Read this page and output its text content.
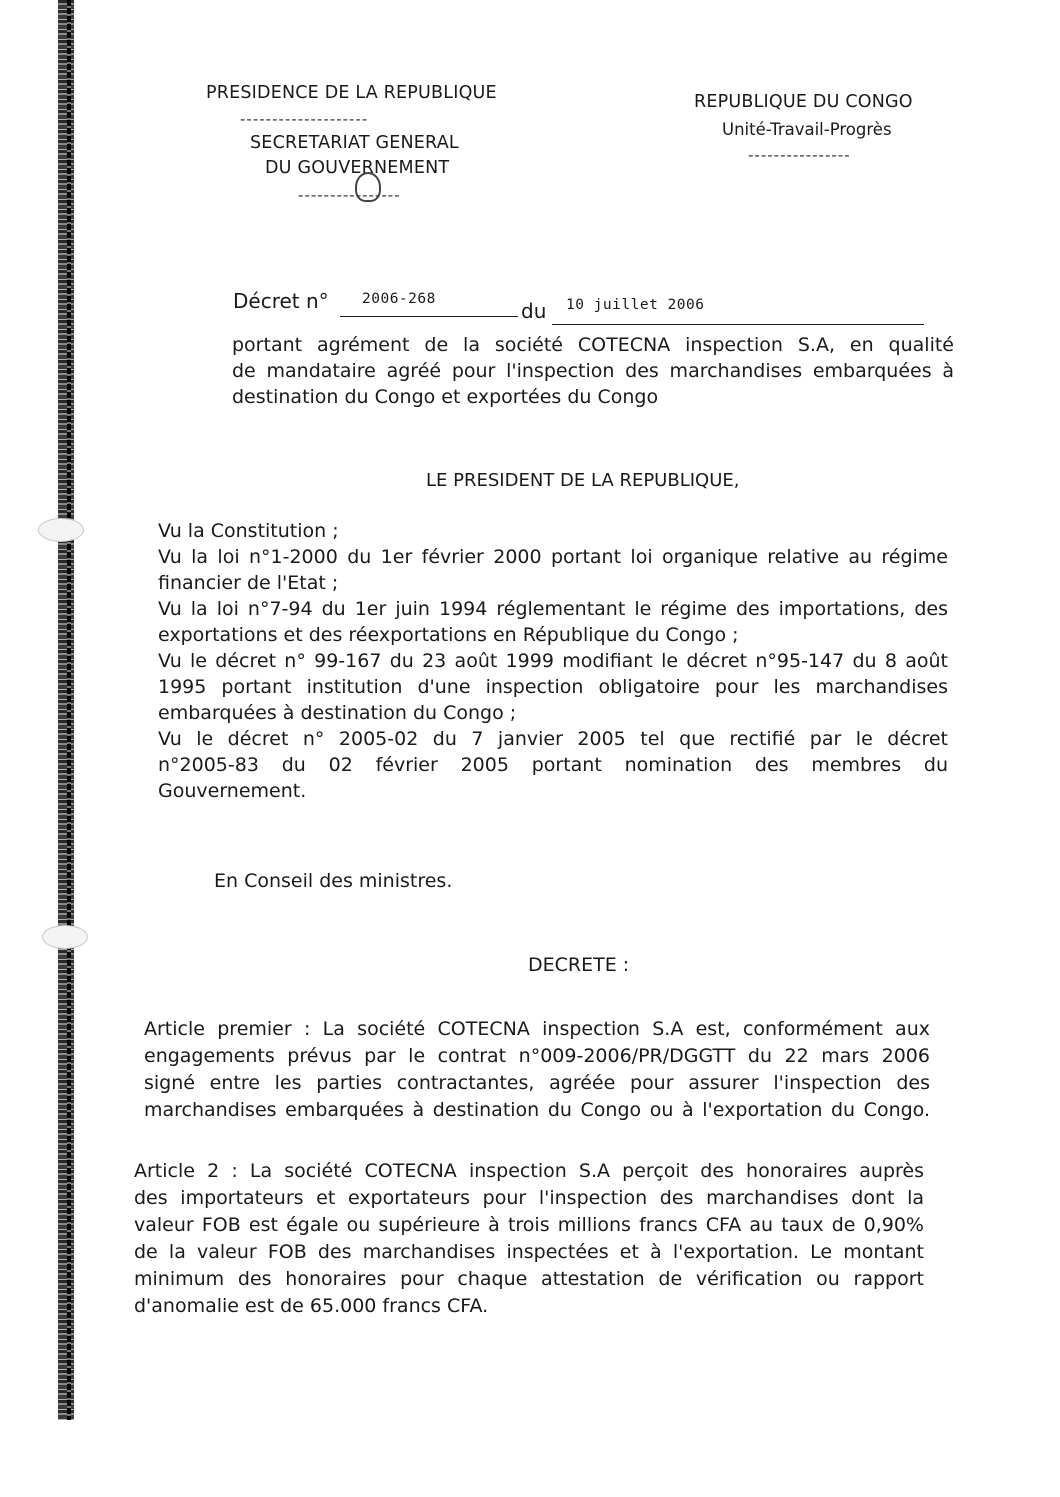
PRESIDENCE DE LA REPUBLIQUE
--------------------
SECRETARIAT GENERAL
DU GOUVERNEMENT
----------------
REPUBLIQUE DU CONGO
Unité-Travail-Progrès
----------------
Décret n° 2006-268	du 10 juillet 2006
portant agrément de la société COTECNA inspection S.A, en qualité
de mandataire agréé pour l'inspection des marchandises embarquées à
destination du Congo et exportées du Congo
LE PRESIDENT DE LA REPUBLIQUE,
Vu la Constitution ;
Vu la loi n°1-2000 du 1er février 2000 portant loi organique relative au régime
financier de l'Etat ;
Vu la loi n°7-94 du 1er juin 1994 réglementant le régime des importations, des
exportations et des réexportations en République du Congo ;
Vu le décret n° 99-167 du 23 août 1999 modifiant le décret n°95-147 du 8 août
1995 portant institution d'une inspection obligatoire pour les marchandises
embarquées à destination du Congo ;
Vu le décret n° 2005-02 du 7 janvier 2005 tel que rectifié par le décret
n°2005-83 du 02 février 2005 portant nomination des membres du
Gouvernement.
En Conseil des ministres.
DECRETE :
Article premier : La société COTECNA inspection S.A est, conformément aux
engagements prévus par le contrat n°009-2006/PR/DGGTT du 22 mars 2006
signé entre les parties contractantes, agréée pour assurer l'inspection des
marchandises embarquées à destination du Congo ou à l'exportation du Congo.
Article 2 : La société COTECNA inspection S.A perçoit des honoraires auprès
des importateurs et exportateurs pour l'inspection des marchandises dont la
valeur FOB est égale ou supérieure à trois millions francs CFA au taux de 0,90%
de la valeur FOB des marchandises inspectées et à l'exportation. Le montant
minimum des honoraires pour chaque attestation de vérification ou rapport
d'anomalie est de 65.000 francs CFA.
